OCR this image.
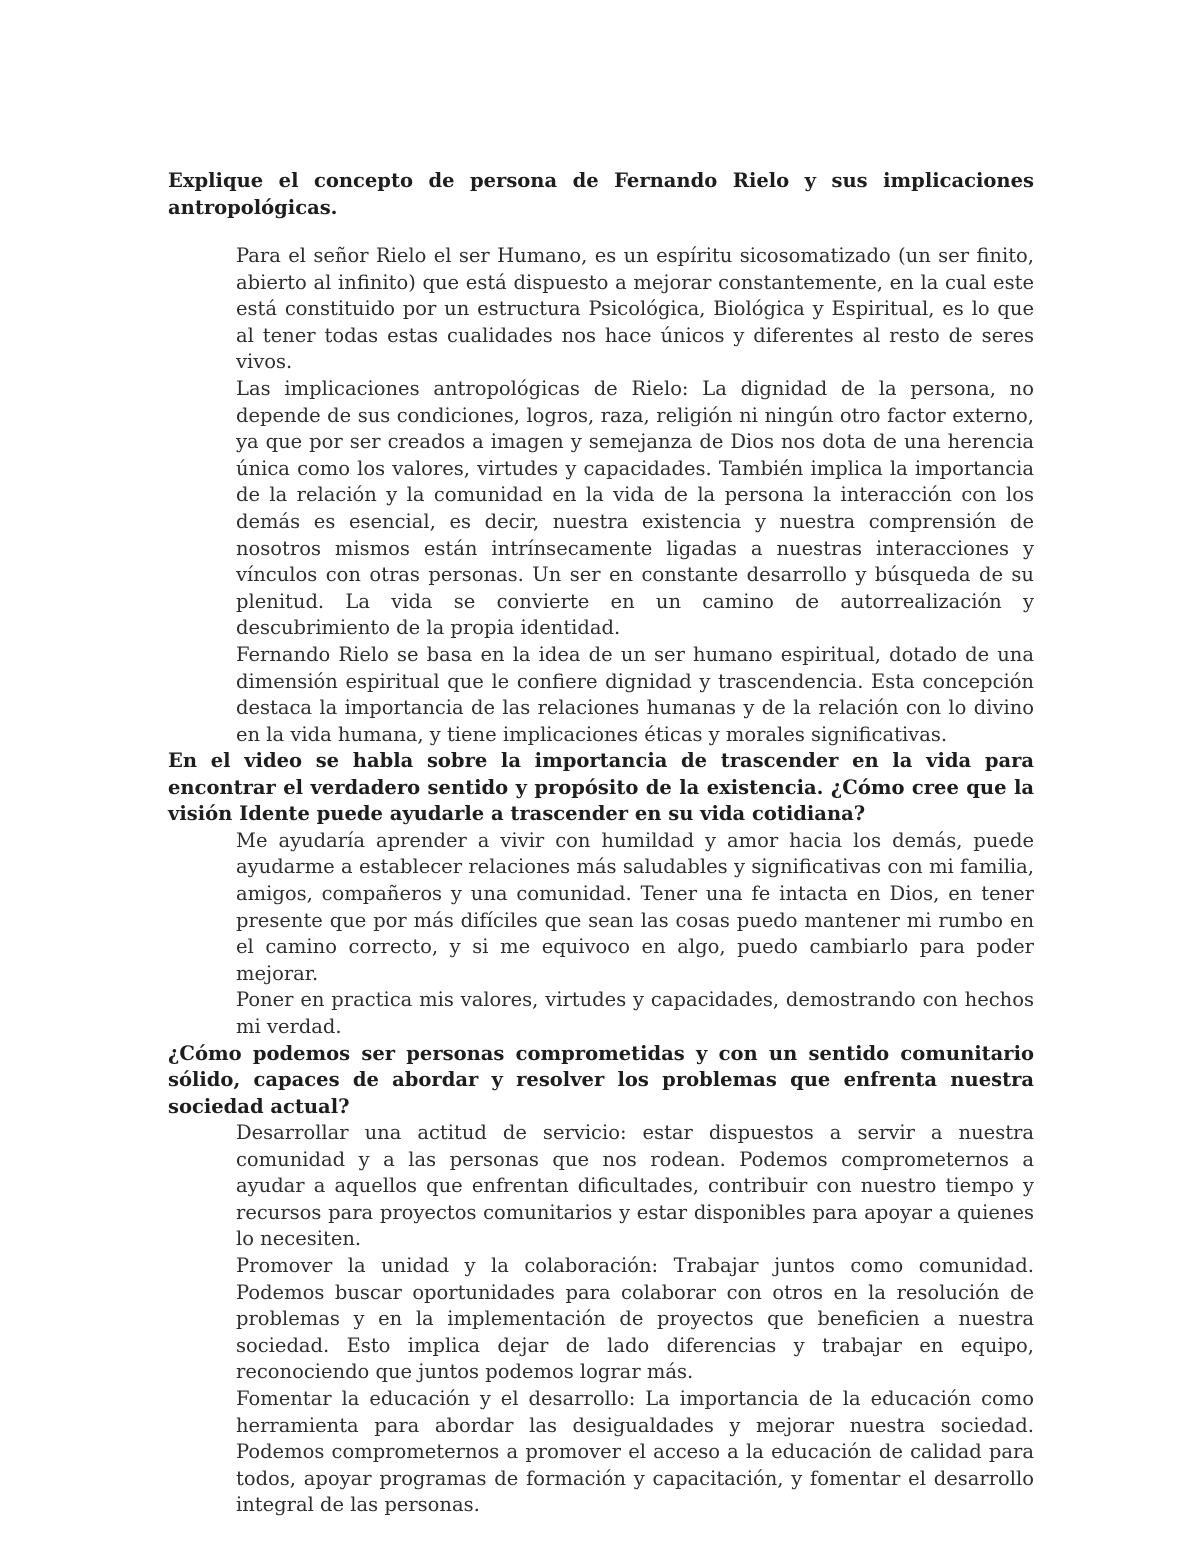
Explique el concepto de persona de Fernando Rielo y sus implicaciones antropológicas.

Para el señor Rielo el ser Humano, es un espíritu sicosomatizado (un ser finito, abierto al infinito) que está dispuesto a mejorar constantemente, en la cual este está constituido por un estructura Psicológica, Biológica y Espiritual, es lo que al tener todas estas cualidades nos hace únicos y diferentes al resto de seres vivos.

Las implicaciones antropológicas de Rielo: La dignidad de la persona, no depende de sus condiciones, logros, raza, religión ni ningún otro factor externo, ya que por ser creados a imagen y semejanza de Dios nos dota de una herencia única como los valores, virtudes y capacidades. También implica la importancia de la relación y la comunidad en la vida de la persona la interacción con los demás es esencial, es decir, nuestra existencia y nuestra comprensión de nosotros mismos están intrínsecamente ligadas a nuestras interacciones y vínculos con otras personas. Un ser en constante desarrollo y búsqueda de su plenitud. La vida se convierte en un camino de autorrealización y descubrimiento de la propia identidad.

Fernando Rielo se basa en la idea de un ser humano espiritual, dotado de una dimensión espiritual que le confiere dignidad y trascendencia. Esta concepción destaca la importancia de las relaciones humanas y de la relación con lo divino en la vida humana, y tiene implicaciones éticas y morales significativas.

En el video se habla sobre la importancia de trascender en la vida para encontrar el verdadero sentido y propósito de la existencia. ¿Cómo cree que la visión Idente puede ayudarle a trascender en su vida cotidiana?

Me ayudaría aprender a vivir con humildad y amor hacia los demás, puede ayudarme a establecer relaciones más saludables y significativas con mi familia, amigos, compañeros y una comunidad. Tener una fe intacta en Dios, en tener presente que por más difíciles que sean las cosas puedo mantener mi rumbo en el camino correcto, y si me equivoco en algo, puedo cambiarlo para poder mejorar.

Poner en practica mis valores, virtudes y capacidades, demostrando con hechos mi verdad.

¿Cómo podemos ser personas comprometidas y con un sentido comunitario sólido, capaces de abordar y resolver los problemas que enfrenta nuestra sociedad actual?

Desarrollar una actitud de servicio: estar dispuestos a servir a nuestra comunidad y a las personas que nos rodean. Podemos comprometernos a ayudar a aquellos que enfrentan dificultades, contribuir con nuestro tiempo y recursos para proyectos comunitarios y estar disponibles para apoyar a quienes lo necesiten.

Promover la unidad y la colaboración: Trabajar juntos como comunidad. Podemos buscar oportunidades para colaborar con otros en la resolución de problemas y en la implementación de proyectos que beneficien a nuestra sociedad. Esto implica dejar de lado diferencias y trabajar en equipo, reconociendo que juntos podemos lograr más.

Fomentar la educación y el desarrollo: La importancia de la educación como herramienta para abordar las desigualdades y mejorar nuestra sociedad. Podemos comprometernos a promover el acceso a la educación de calidad para todos, apoyar programas de formación y capacitación, y fomentar el desarrollo integral de las personas.
